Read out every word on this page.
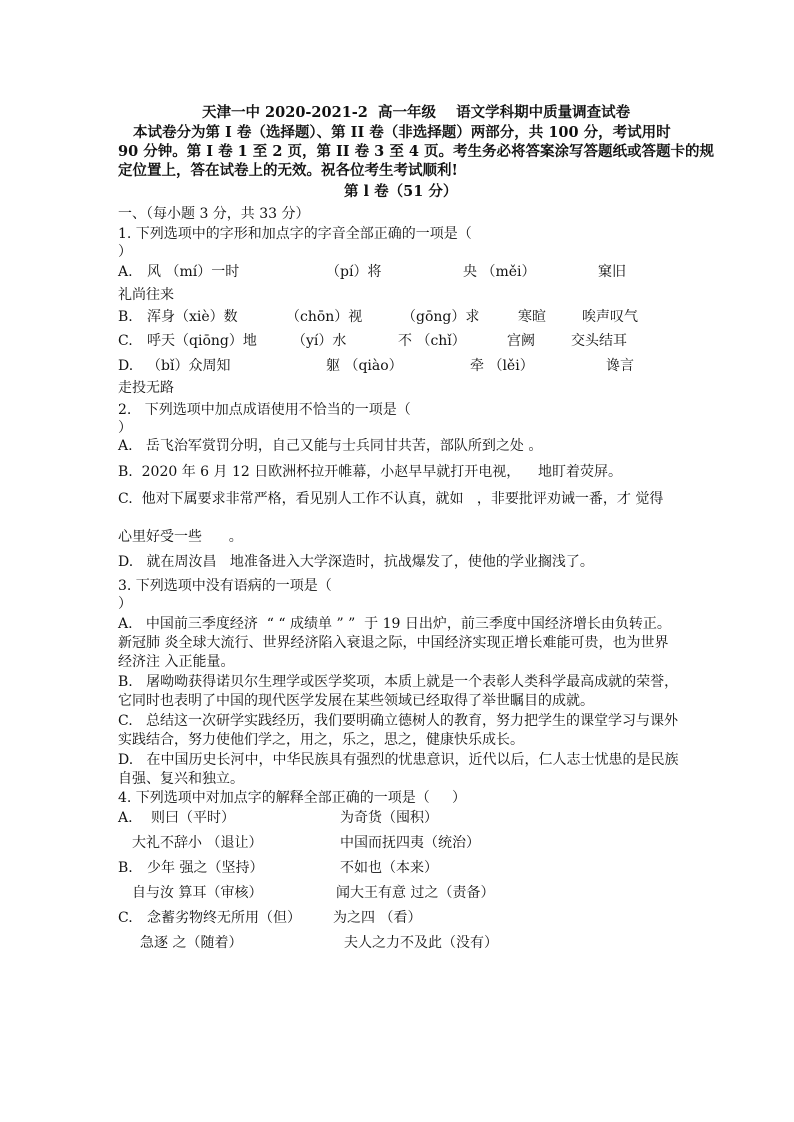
天津一中 2020-2021-2  高一年级    语文学科期中质量调查试卷
本试卷分为第 I 卷（选择题）、第 II 卷（非选择题）两部分，共 100 分，考试用时
90 分钟。第 I 卷 1 至 2 页，第 II 卷 3 至 4 页。考生务必将答案涂写答题纸或答题卡的规
定位置上，答在试卷上的无效。祝各位考生考试顺利!
第 l 卷（51 分）
一、（每小题 3 分，共 33 分）
1. 下列选项中的字形和加点字的字音全部正确的一项是（
）
A. 风 （mí）一时	（pí）将	央 （měi）	窠旧
礼尚往来
B. 浑身（xiè）数	（chōn）视	（gōng）求	寒暄	唉声叹气
C. 呼天（qiōng）地	（yí）水	不 （chǐ）	宫阙	交头结耳
D. （bǐ）众周知	躯 （qiào）	牵 （lěi）	谗言
走投无路
2.   下列选项中加点成语使用不恰当的一项是（
）
A.   岳飞治军赏罚分明，自己又能与士兵同甘共苦，部队所到之处 。
B.  2020 年 6 月 12 日欧洲杯拉开帷幕，小赵早早就打开电视，    地盯着荧屏。
C.  他对下属要求非常严格，看见别人工作不认真，就如   ，非要批评劝诫一番，才 觉得
心里好受一些      。
D.   就在周汝昌   地准备进入大学深造时，抗战爆发了，使他的学业搁浅了。
3. 下列选项中没有语病的一项是（
）
A.   中国前三季度经济  “ “ 成绩单 ” ”  于 19 日出炉，前三季度中国经济增长由负转正。
新冠肺 炎全球大流行、世界经济陷入衰退之际，中国经济实现正增长难能可贵，也为世界
经济注 入正能量。
B.   屠呦呦获得诺贝尔生理学或医学奖项，本质上就是一个表彰人类科学最高成就的荣誉，
它同时也表明了中国的现代医学发展在某些领域已经取得了举世瞩目的成就。
C.   总结这一次研学实践经历，我们要明确立德树人的教育，努力把学生的课堂学习与课外
实践结合，努力使他们学之，用之，乐之，思之，健康快乐成长。
D.   在中国历史长河中，中华民族具有强烈的忧患意识，近代以后，仁人志士忧患的是民族
自强、复兴和独立。
4. 下列选项中对加点字的解释全部正确的一项是（     ）
A. 则曰（平时）	为奇货（囤积）
大礼不辞小 （退让）	中国而抚四夷（统治）
B. 少年 强之（坚持）	不如也（本来）
自与汝 算耳（审核）	闻大王有意 过之（责备）
C. 念蓄劣物终无所用（但） 为之四 （看）
急逐 之（随着）	夫人之力不及此（没有）
